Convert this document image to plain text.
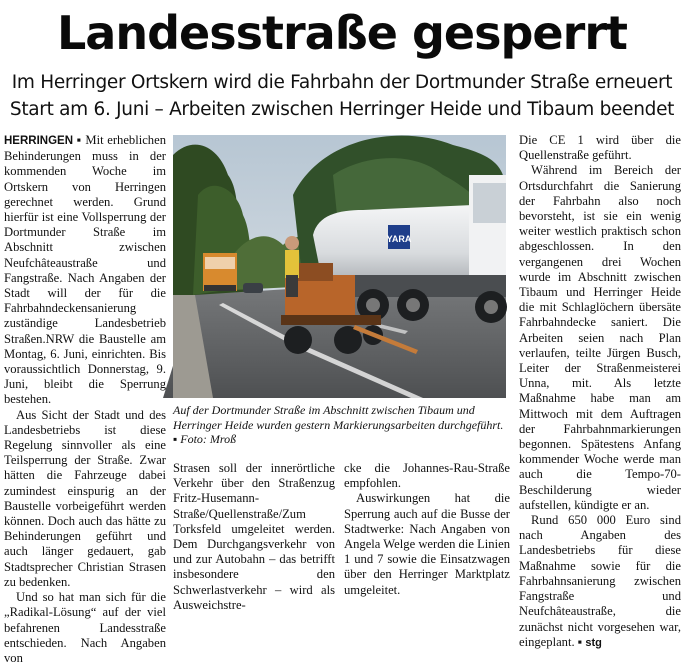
Landesstraße gesperrt
Im Herringer Ortskern wird die Fahrbahn der Dortmunder Straße erneuert
Start am 6. Juni – Arbeiten zwischen Herringer Heide und Tibaum beendet

HERRINGEN ▪ Mit erheblichen Behinderungen muss in der kommenden Woche im Ortskern von Herringen gerechnet werden. Grund hierfür ist eine Vollsperrung der Dortmunder Straße im Abschnitt zwischen Neufchâteaustraße und Fangstraße. Nach Angaben der Stadt will der für die Fahrbahndeckensanierung zuständige Landesbetrieb Straßen.NRW die Baustelle am Montag, 6. Juni, einrichten. Bis voraussichtlich Donnerstag, 9. Juni, bleibt die Sperrung bestehen.

Aus Sicht der Stadt und des Landesbetriebs ist diese Regelung sinnvoller als eine Teilsperrung der Straße. Zwar hätten die Fahrzeuge dabei zumindest einspurig an der Baustelle vorbeigeführt werden können. Doch auch das hätte zu Behinderungen geführt und auch länger gedauert, gab Stadtsprecher Christian Strasen zu bedenken.

Und so hat man sich für die „Radikal-Lösung“ auf der viel befahrenen Landesstraße entschieden. Nach Angaben von

YARA
Auf der Dortmunder Straße im Abschnitt zwischen Tibaum und Herringer Heide wurden gestern Markierungsarbeiten durchgeführt. ▪ Foto: Mroß

Strasen soll der innerörtliche Verkehr über den Straßenzug Fritz-Husemann-Straße/Quellenstraße/Zum Torksfeld umgeleitet werden. Dem Durchgangsverkehr von und zur Autobahn – das betrifft insbesondere den Schwerlastverkehr – wird als Ausweichstre-

cke die Johannes-Rau-Straße empfohlen.

Auswirkungen hat die Sperrung auch auf die Busse der Stadtwerke: Nach Angaben von Angela Welge werden die Linien 1 und 7 sowie die Einsatzwagen über den Herringer Marktplatz umgeleitet.

Die CE 1 wird über die Quellenstraße geführt.

Während im Bereich der Ortsdurchfahrt die Sanierung der Fahrbahn also noch bevorsteht, ist sie ein wenig weiter westlich praktisch schon abgeschlossen. In den vergangenen drei Wochen wurde im Abschnitt zwischen Tibaum und Herringer Heide die mit Schlaglöchern übersäte Fahrbahndecke saniert. Die Arbeiten seien nach Plan verlaufen, teilte Jürgen Busch, Leiter der Straßenmeisterei Unna, mit. Als letzte Maßnahme habe man am Mittwoch mit dem Auftragen der Fahrbahnmarkierungen begonnen. Spätestens Anfang kommender Woche werde man auch die Tempo-70-Beschilderung wieder aufstellen, kündigte er an.

Rund 650 000 Euro sind nach Angaben des Landesbetriebs für diese Maßnahme sowie für die Fahrbahnsanierung zwischen Fangstraße und Neufchâteaustraße, die zunächst nicht vorgesehen war, eingeplant. ▪ stg
